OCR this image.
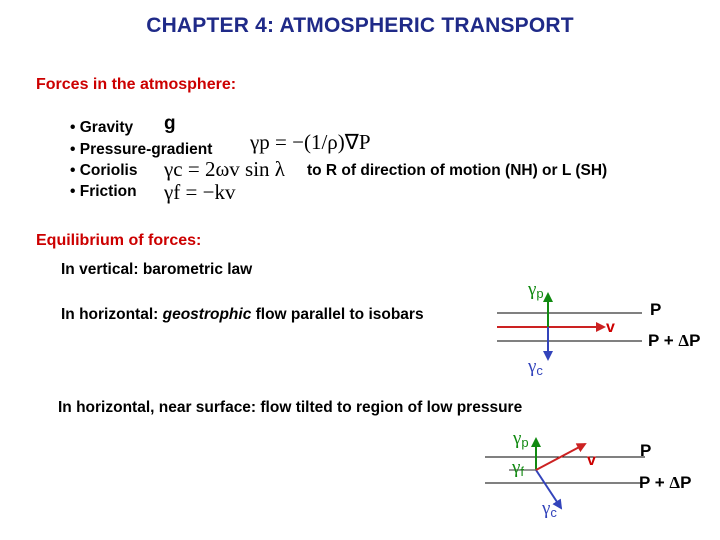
CHAPTER 4: ATMOSPHERIC TRANSPORT
Forces in the atmosphere:
• Gravity
• Pressure-gradient
• Coriolis
• Friction
g
γp = −(1/ρ)∇P
γc = 2ωv sin λ
γf = −kv
to R of direction of motion (NH) or L (SH)
Equilibrium of forces:
In vertical: barometric law
In horizontal: geostrophic flow parallel to isobars
In horizontal, near surface: flow tilted to region of low pressure
γp
γc
v
P
P + ΔP
γp
γf
γc
v
P
P + ΔP
